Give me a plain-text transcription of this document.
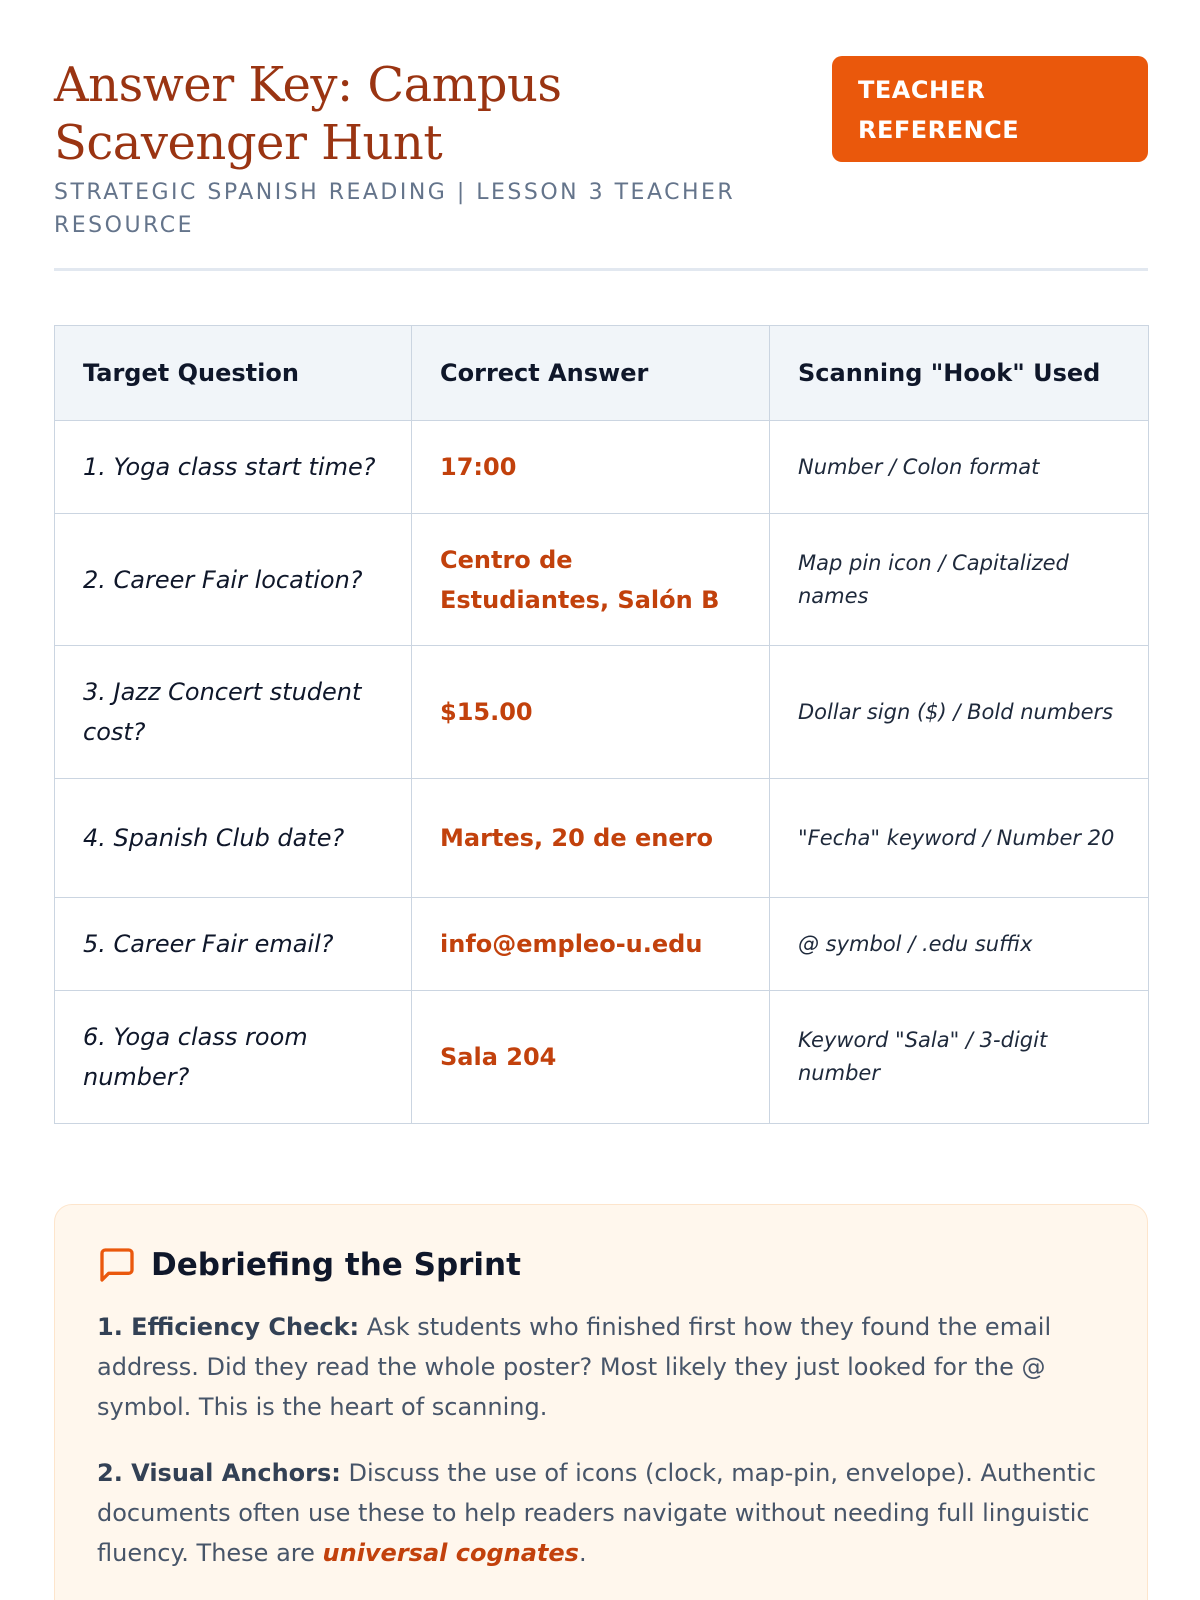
Answer Key: Campus Scavenger Hunt
STRATEGIC SPANISH READING | LESSON 3 TEACHER RESOURCE
TEACHER REFERENCE
Target Question	Correct Answer	Scanning "Hook" Used
1. Yoga class start time?	17:00	Number / Colon format
2. Career Fair location?	Centro de Estudiantes, Salón B	Map pin icon / Capitalized names
3. Jazz Concert student cost?	$15.00	Dollar sign ($) / Bold numbers
4. Spanish Club date?	Martes, 20 de enero	"Fecha" keyword / Number 20
5. Career Fair email?	info@empleo-u.edu	@ symbol / .edu suffix
6. Yoga class room number?	Sala 204	Keyword "Sala" / 3-digit number
Debriefing the Sprint

1. Efficiency Check: Ask students who finished first how they found the email address. Did they read the whole poster? Most likely they just looked for the @ symbol. This is the heart of scanning.

2. Visual Anchors: Discuss the use of icons (clock, map-pin, envelope). Authentic documents often use these to help readers navigate without needing full linguistic fluency. These are universal cognates.
